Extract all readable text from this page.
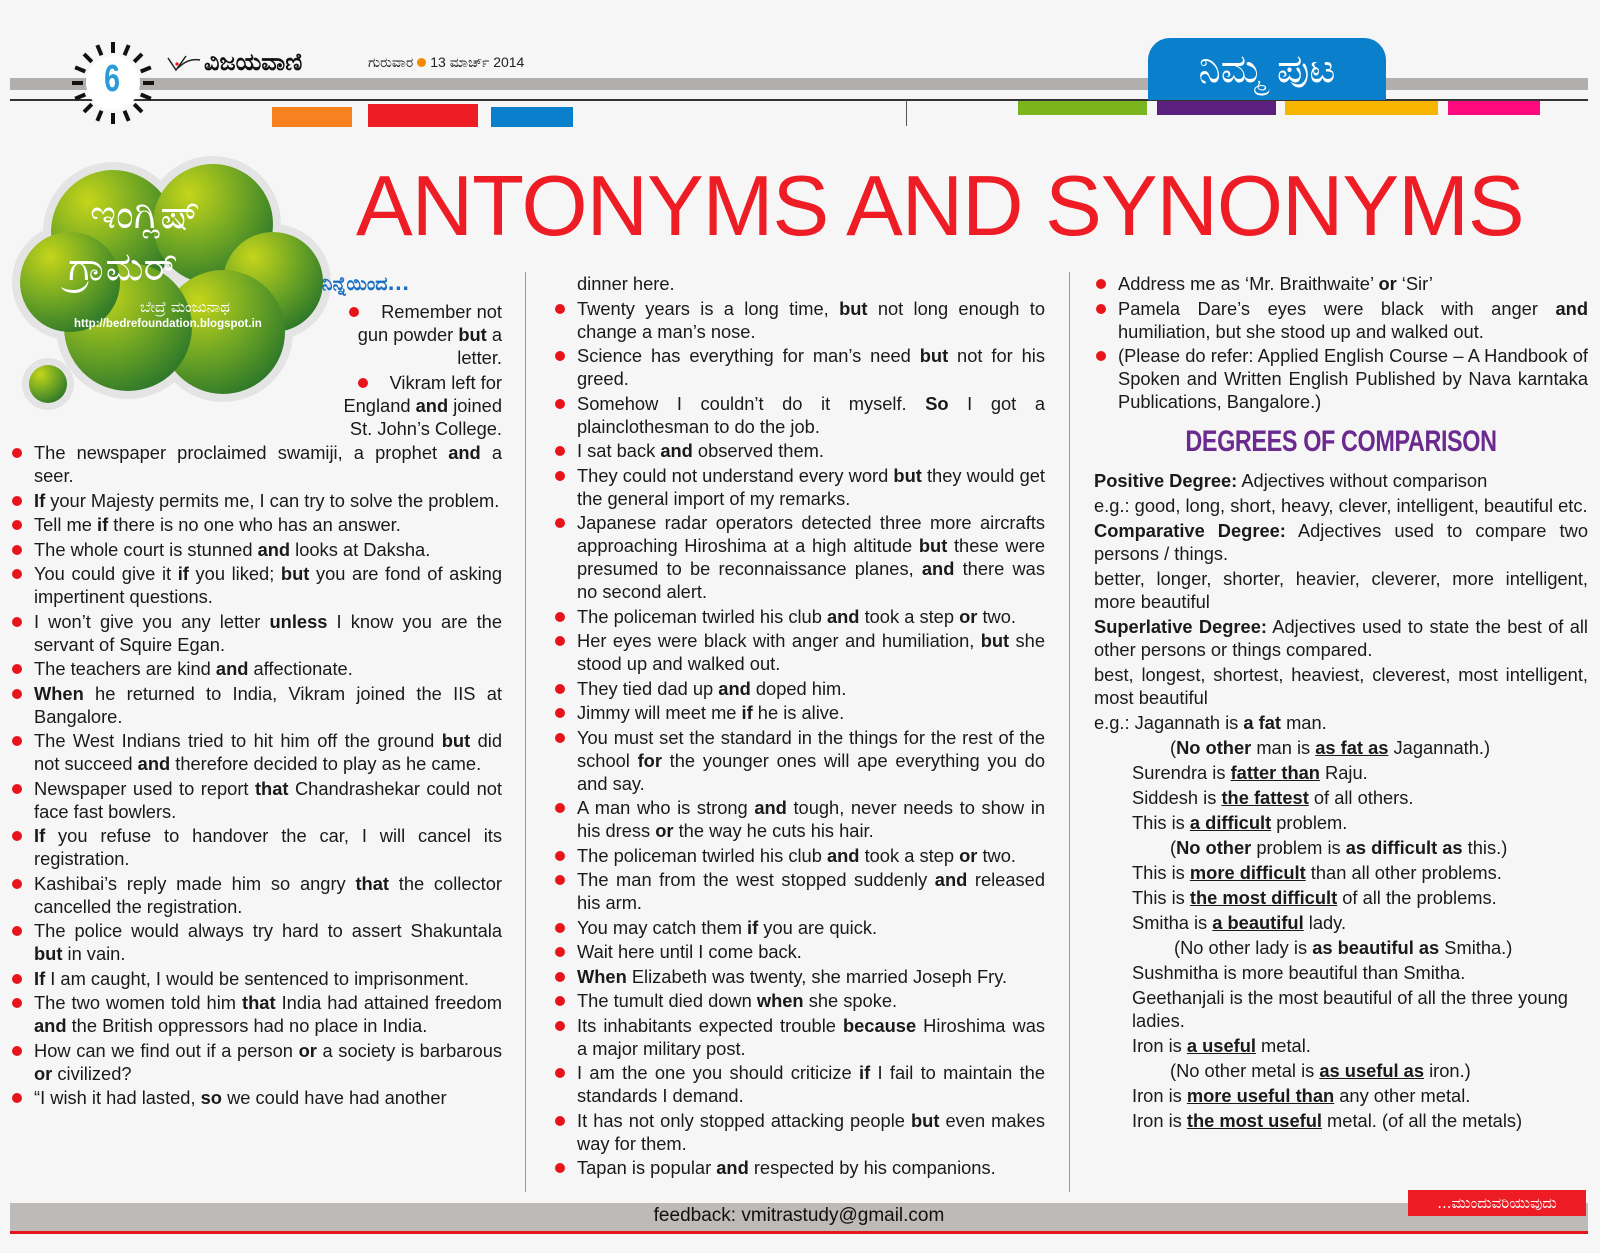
6	ವಿಜಯವಾಣಿ	ಗುರುವಾರ 13 ಮಾರ್ಚ್ 2014	ನಿಮ್ಮ ಪುಟ
ANTONYMS AND SYNONYMS
ಇಂಗ್ಲಿಷ್
ಗ್ರಾಮರ್
ಬೇದ್ರೆ ಮಂಜುನಾಥ
http://bedrefoundation.blogspot.in
ನಿನ್ನೆಯಿಂದ...
Remember not gun powder but a letter.
Vikram left for England and joined St. John’s College.
The newspaper proclaimed swamiji, a prophet and a seer.
If your Majesty permits me, I can try to solve the problem.
Tell me if there is no one who has an answer.
The whole court is stunned and looks at Daksha.
You could give it if you liked; but you are fond of asking impertinent questions.
I won’t give you any letter unless I know you are the servant of Squire Egan.
The teachers are kind and affectionate.
When he returned to India, Vikram joined the IIS at Bangalore.
The West Indians tried to hit him off the ground but did not succeed and therefore decided to play as he came.
Newspaper used to report that Chandrashekar could not face fast bowlers.
If you refuse to handover the car, I will cancel its registration.
Kashibai’s reply made him so angry that the collector cancelled the registration.
The police would always try hard to assert Shakuntala but in vain.
If I am caught, I would be sentenced to imprisonment.
The two women told him that India had attained freedom and the British oppressors had no place in India.
How can we find out if a person or a society is barbarous or civilized?
“I wish it had lasted, so we could have had another
dinner here.
Twenty years is a long time, but not long enough to change a man’s nose.
Science has everything for man’s need but not for his greed.
Somehow I couldn’t do it myself. So I got a plainclothesman to do the job.
I sat back and observed them.
They could not understand every word but they would get the general import of my remarks.
Japanese radar operators detected three more aircrafts approaching Hiroshima at a high altitude but these were presumed to be reconnaissance planes, and there was no second alert.
The policeman twirled his club and took a step or two.
Her eyes were black with anger and humiliation, but she stood up and walked out.
They tied dad up and doped him.
Jimmy will meet me if he is alive.
You must set the standard in the things for the rest of the school for the younger ones will ape everything you do and say.
A man who is strong and tough, never needs to show in his dress or the way he cuts his hair.
The policeman twirled his club and took a step or two.
The man from the west stopped suddenly and released his arm.
You may catch them if you are quick.
Wait here until I come back.
When Elizabeth was twenty, she married Joseph Fry.
The tumult died down when she spoke.
Its inhabitants expected trouble because Hiroshima was a major military post.
I am the one you should criticize if I fail to maintain the standards I demand.
It has not only stopped attacking people but even makes way for them.
Tapan is popular and respected by his companions.
Address me as ‘Mr. Braithwaite’ or ‘Sir’
Pamela Dare’s eyes were black with anger and humiliation, but she stood up and walked out.
(Please do refer: Applied English Course – A Handbook of Spoken and Written English Published by Nava karntaka Publications, Bangalore.)
DEGREES OF COMPARISON
Positive Degree: Adjectives without comparison
e.g.: good, long, short, heavy, clever, intelligent, beautiful etc.
Comparative Degree: Adjectives used to compare two persons / things.
better, longer, shorter, heavier, cleverer, more intelligent, more beautiful
Superlative Degree: Adjectives used to state the best of all other persons or things compared.
best, longest, shortest, heaviest, cleverest, most intelligent, most beautiful
e.g.: Jagannath is a fat man.
(No other man is as fat as Jagannath.)
Surendra is fatter than Raju.
Siddesh is the fattest of all others.
This is a difficult problem.
(No other problem is as difficult as this.)
This is more difficult than all other problems.
This is the most difficult of all the problems.
Smitha is a beautiful lady.
(No other lady is as beautiful as Smitha.)
Sushmitha is more beautiful than Smitha.
Geethanjali is the most beautiful of all the three young ladies.
Iron is a useful metal.
(No other metal is as useful as iron.)
Iron is more useful than any other metal.
Iron is the most useful metal. (of all the metals)
feedback: vmitrastudy@gmail.com
...ಮುಂದುವರಿಯುವುದು
